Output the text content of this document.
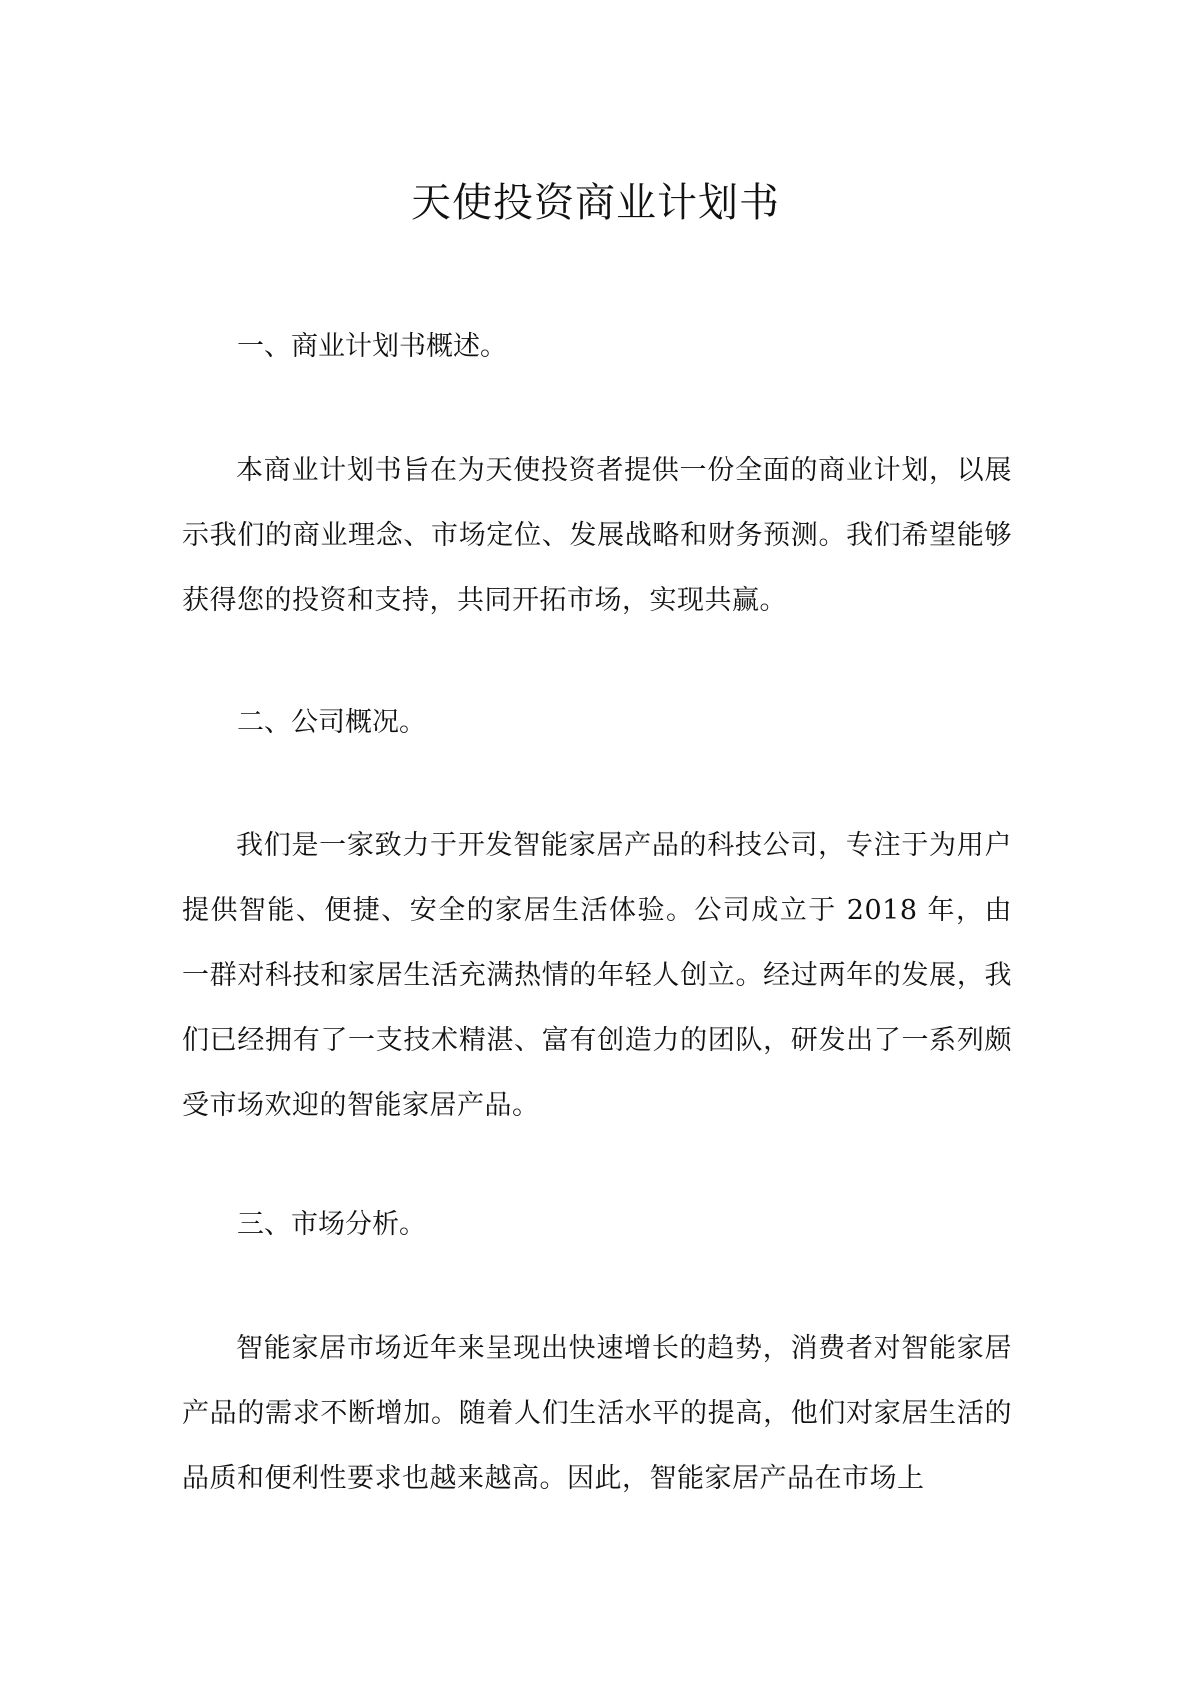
天使投资商业计划书
一、商业计划书概述。

本商业计划书旨在为天使投资者提供一份全面的商业计划，以展示我们的商业理念、市场定位、发展战略和财务预测。我们希望能够获得您的投资和支持，共同开拓市场，实现共赢。

二、公司概况。

我们是一家致力于开发智能家居产品的科技公司，专注于为用户提供智能、便捷、安全的家居生活体验。公司成立于 2018 年，由一群对科技和家居生活充满热情的年轻人创立。经过两年的发展，我们已经拥有了一支技术精湛、富有创造力的团队，研发出了一系列颇受市场欢迎的智能家居产品。

三、市场分析。

智能家居市场近年来呈现出快速增长的趋势，消费者对智能家居产品的需求不断增加。随着人们生活水平的提高，他们对家居生活的品质和便利性要求也越来越高。因此，智能家居产品在市场上
